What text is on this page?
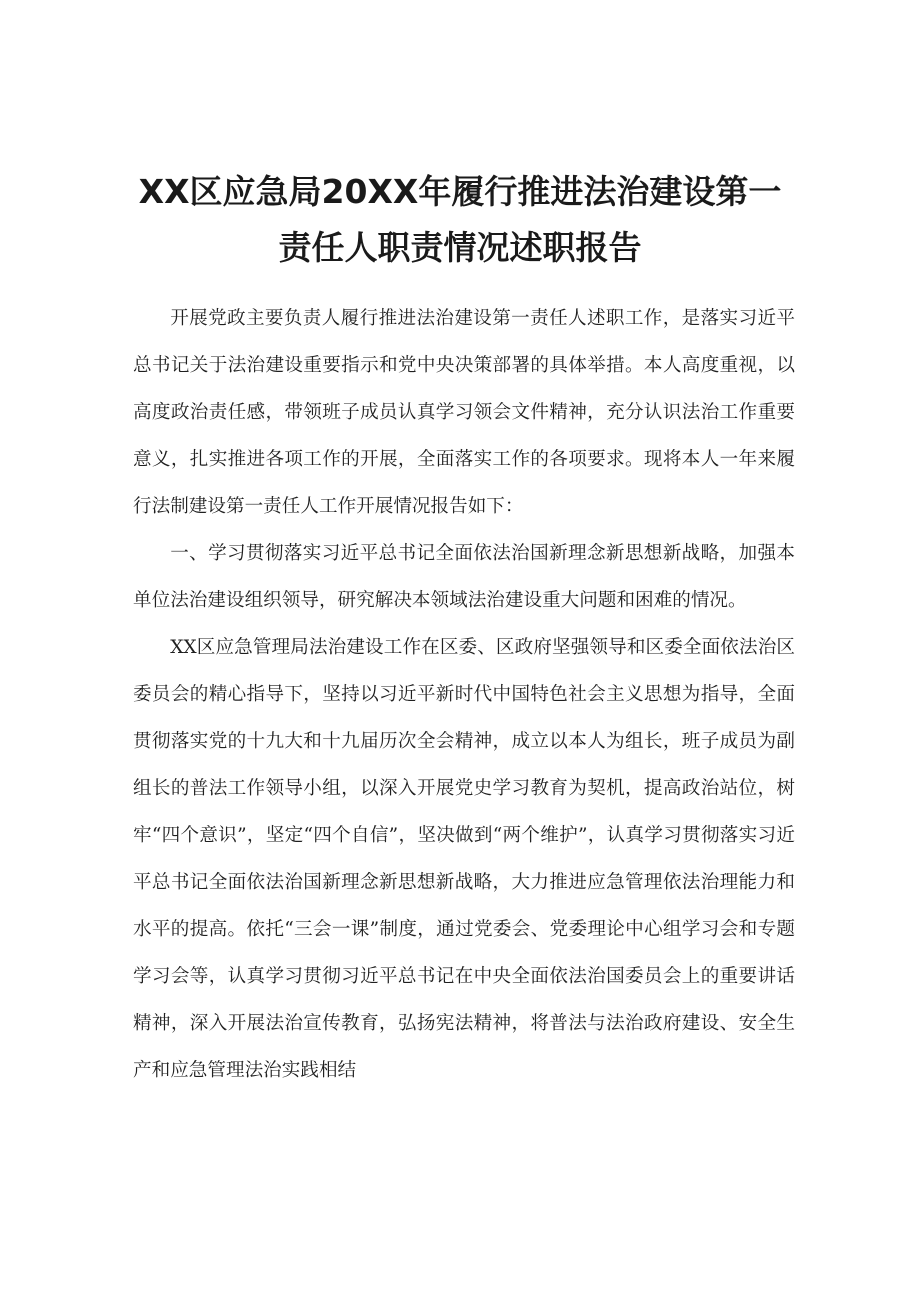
XX区应急局20XX年履行推进法治建设第一
责任人职责情况述职报告

开展党政主要负责人履行推进法治建设第一责任人述职工作，是落实习近平总书记关于法治建设重要指示和党中央决策部署的具体举措。本人高度重视，以高度政治责任感，带领班子成员认真学习领会文件精神，充分认识法治工作重要意义，扎实推进各项工作的开展，全面落实工作的各项要求。现将本人一年来履行法制建设第一责任人工作开展情况报告如下：

一、学习贯彻落实习近平总书记全面依法治国新理念新思想新战略，加强本单位法治建设组织领导，研究解决本领域法治建设重大问题和困难的情况。

XX区应急管理局法治建设工作在区委、区政府坚强领导和区委全面依法治区委员会的精心指导下，坚持以习近平新时代中国特色社会主义思想为指导，全面贯彻落实党的十九大和十九届历次全会精神，成立以本人为组长，班子成员为副组长的普法工作领导小组，以深入开展党史学习教育为契机，提高政治站位，树牢“四个意识”，坚定“四个自信”，坚决做到“两个维护”，认真学习贯彻落实习近平总书记全面依法治国新理念新思想新战略，大力推进应急管理依法治理能力和水平的提高。依托“三会一课”制度，通过党委会、党委理论中心组学习会和专题学习会等，认真学习贯彻习近平总书记在中央全面依法治国委员会上的重要讲话精神，深入开展法治宣传教育，弘扬宪法精神，将普法与法治政府建设、安全生产和应急管理法治实践相结
